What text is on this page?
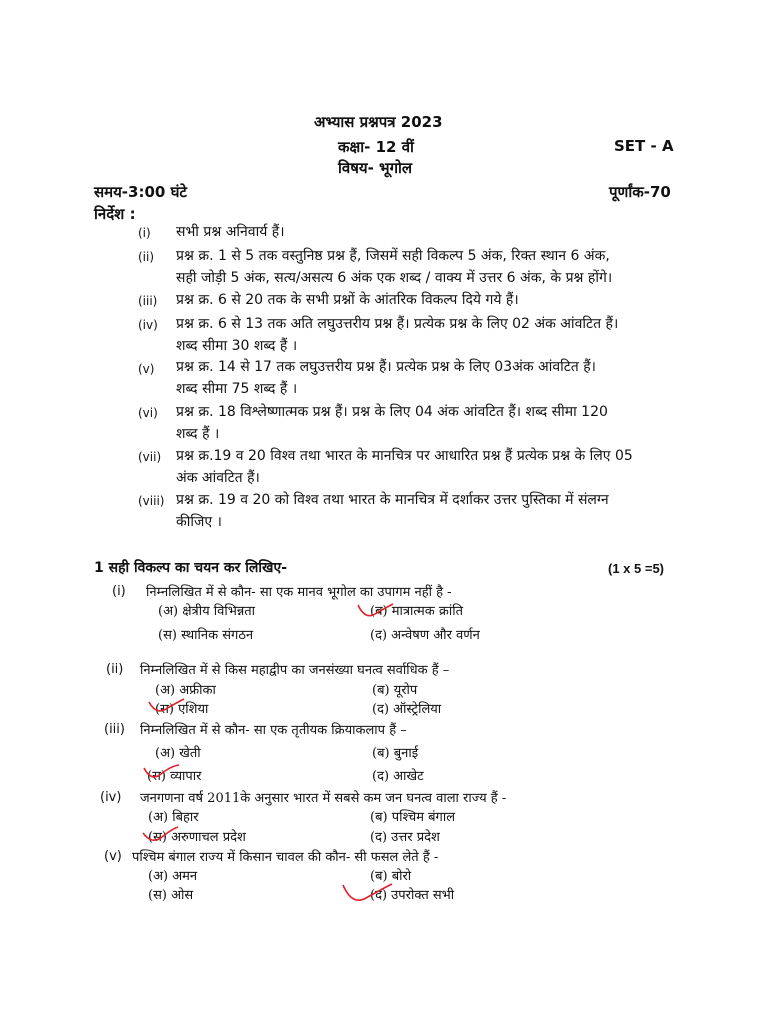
अभ्यास प्रश्नपत्र 2023
कक्षा- 12 वीं	SET - A
विषय- भूगोल
समय-3:00 घंटे	पूर्णांक-70
निर्देश :
(i) सभी प्रश्न अनिवार्य हैं।
(ii) प्रश्न क्र. 1 से 5 तक वस्तुनिष्ठ प्रश्न हैं, जिसमें सही विकल्प 5 अंक, रिक्त स्थान 6 अंक,
सही जोड़ी 5 अंक, सत्य/असत्य 6 अंक एक शब्द / वाक्य में उत्तर 6 अंक, के प्रश्न होंगे।
(iii) प्रश्न क्र. 6 से 20 तक के सभी प्रश्नों के आंतरिक विकल्प दिये गये हैं।
(iv) प्रश्न क्र. 6 से 13 तक अति लघुउत्तरीय प्रश्न हैं। प्रत्येक प्रश्न के लिए 02 अंक आंवटित हैं।
शब्द सीमा 30 शब्द हैं ।
(v) प्रश्न क्र. 14 से 17 तक लघुउत्तरीय प्रश्न हैं। प्रत्येक प्रश्न के लिए 03अंक आंवटित हैं।
शब्द सीमा 75 शब्द हैं ।
(vi) प्रश्न क्र. 18 विश्लेष्णात्मक प्रश्न हैं। प्रश्न के लिए 04 अंक आंवटित हैं। शब्द सीमा 120
शब्द हैं ।
(vii) प्रश्न क्र.19 व 20 विश्व तथा भारत के मानचित्र पर आधारित प्रश्न हैं प्रत्येक प्रश्न के लिए 05
अंक आंवटित हैं।
(viii) प्रश्न क्र. 19 व 20 को विश्व तथा भारत के मानचित्र में दर्शाकर उत्तर पुस्तिका में संलग्न
कीजिए ।
1 सही विकल्प का चयन कर लिखिए-	(1 x 5 =5)
(i) निम्नलिखित में से कौन- सा एक मानव भूगोल का उपागम नहीं है -
(अ) क्षेत्रीय विभिन्नता	(ब) मात्रात्मक क्रांति
(स) स्थानिक संगठन	(द) अन्वेषण और वर्णन
(ii) निम्नलिखित में से किस महाद्वीप का जनसंख्या घनत्व सर्वाधिक हैं –
(अ) अफ्रीका	(ब) यूरोप
(स) एशिया	(द) ऑस्ट्रेलिया
(iii) निम्नलिखित में से कौन- सा एक तृतीयक क्रियाकलाप हैं –
(अ) खेती	(ब) बुनाई
(स) व्यापार	(द) आखेट
(iv) जनगणना वर्ष 2011के अनुसार भारत में सबसे कम जन घनत्व वाला राज्य हैं -
(अ) बिहार	(ब) पश्चिम बंगाल
(स) अरुणाचल प्रदेश	(द) उत्तर प्रदेश
(v) पश्चिम बंगाल राज्य में किसान चावल की कौन- सी फसल लेते हैं -
(अ) अमन	(ब) बोरो
(स) ओस	(द) उपरोक्त सभी
